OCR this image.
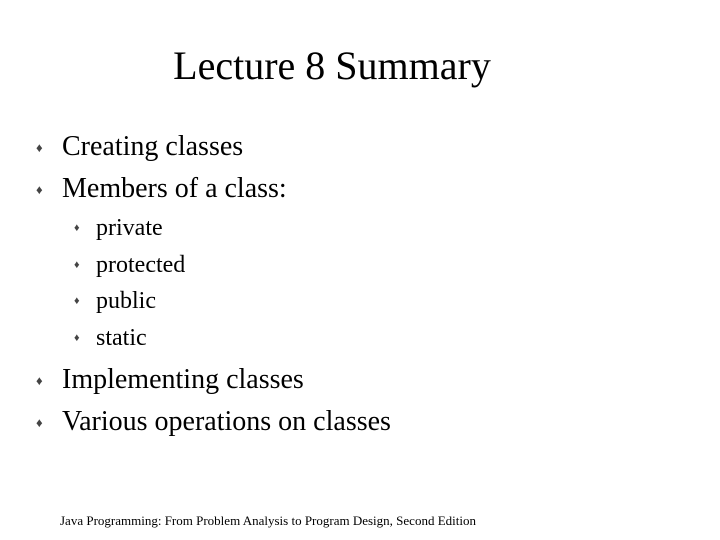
Lecture 8 Summary
♦ Creating classes
♦ Members of a class:
♦ private
♦ protected
♦ public
♦ static
♦ Implementing classes
♦ Various operations on classes
Java Programming: From Problem Analysis to Program Design, Second Edition
